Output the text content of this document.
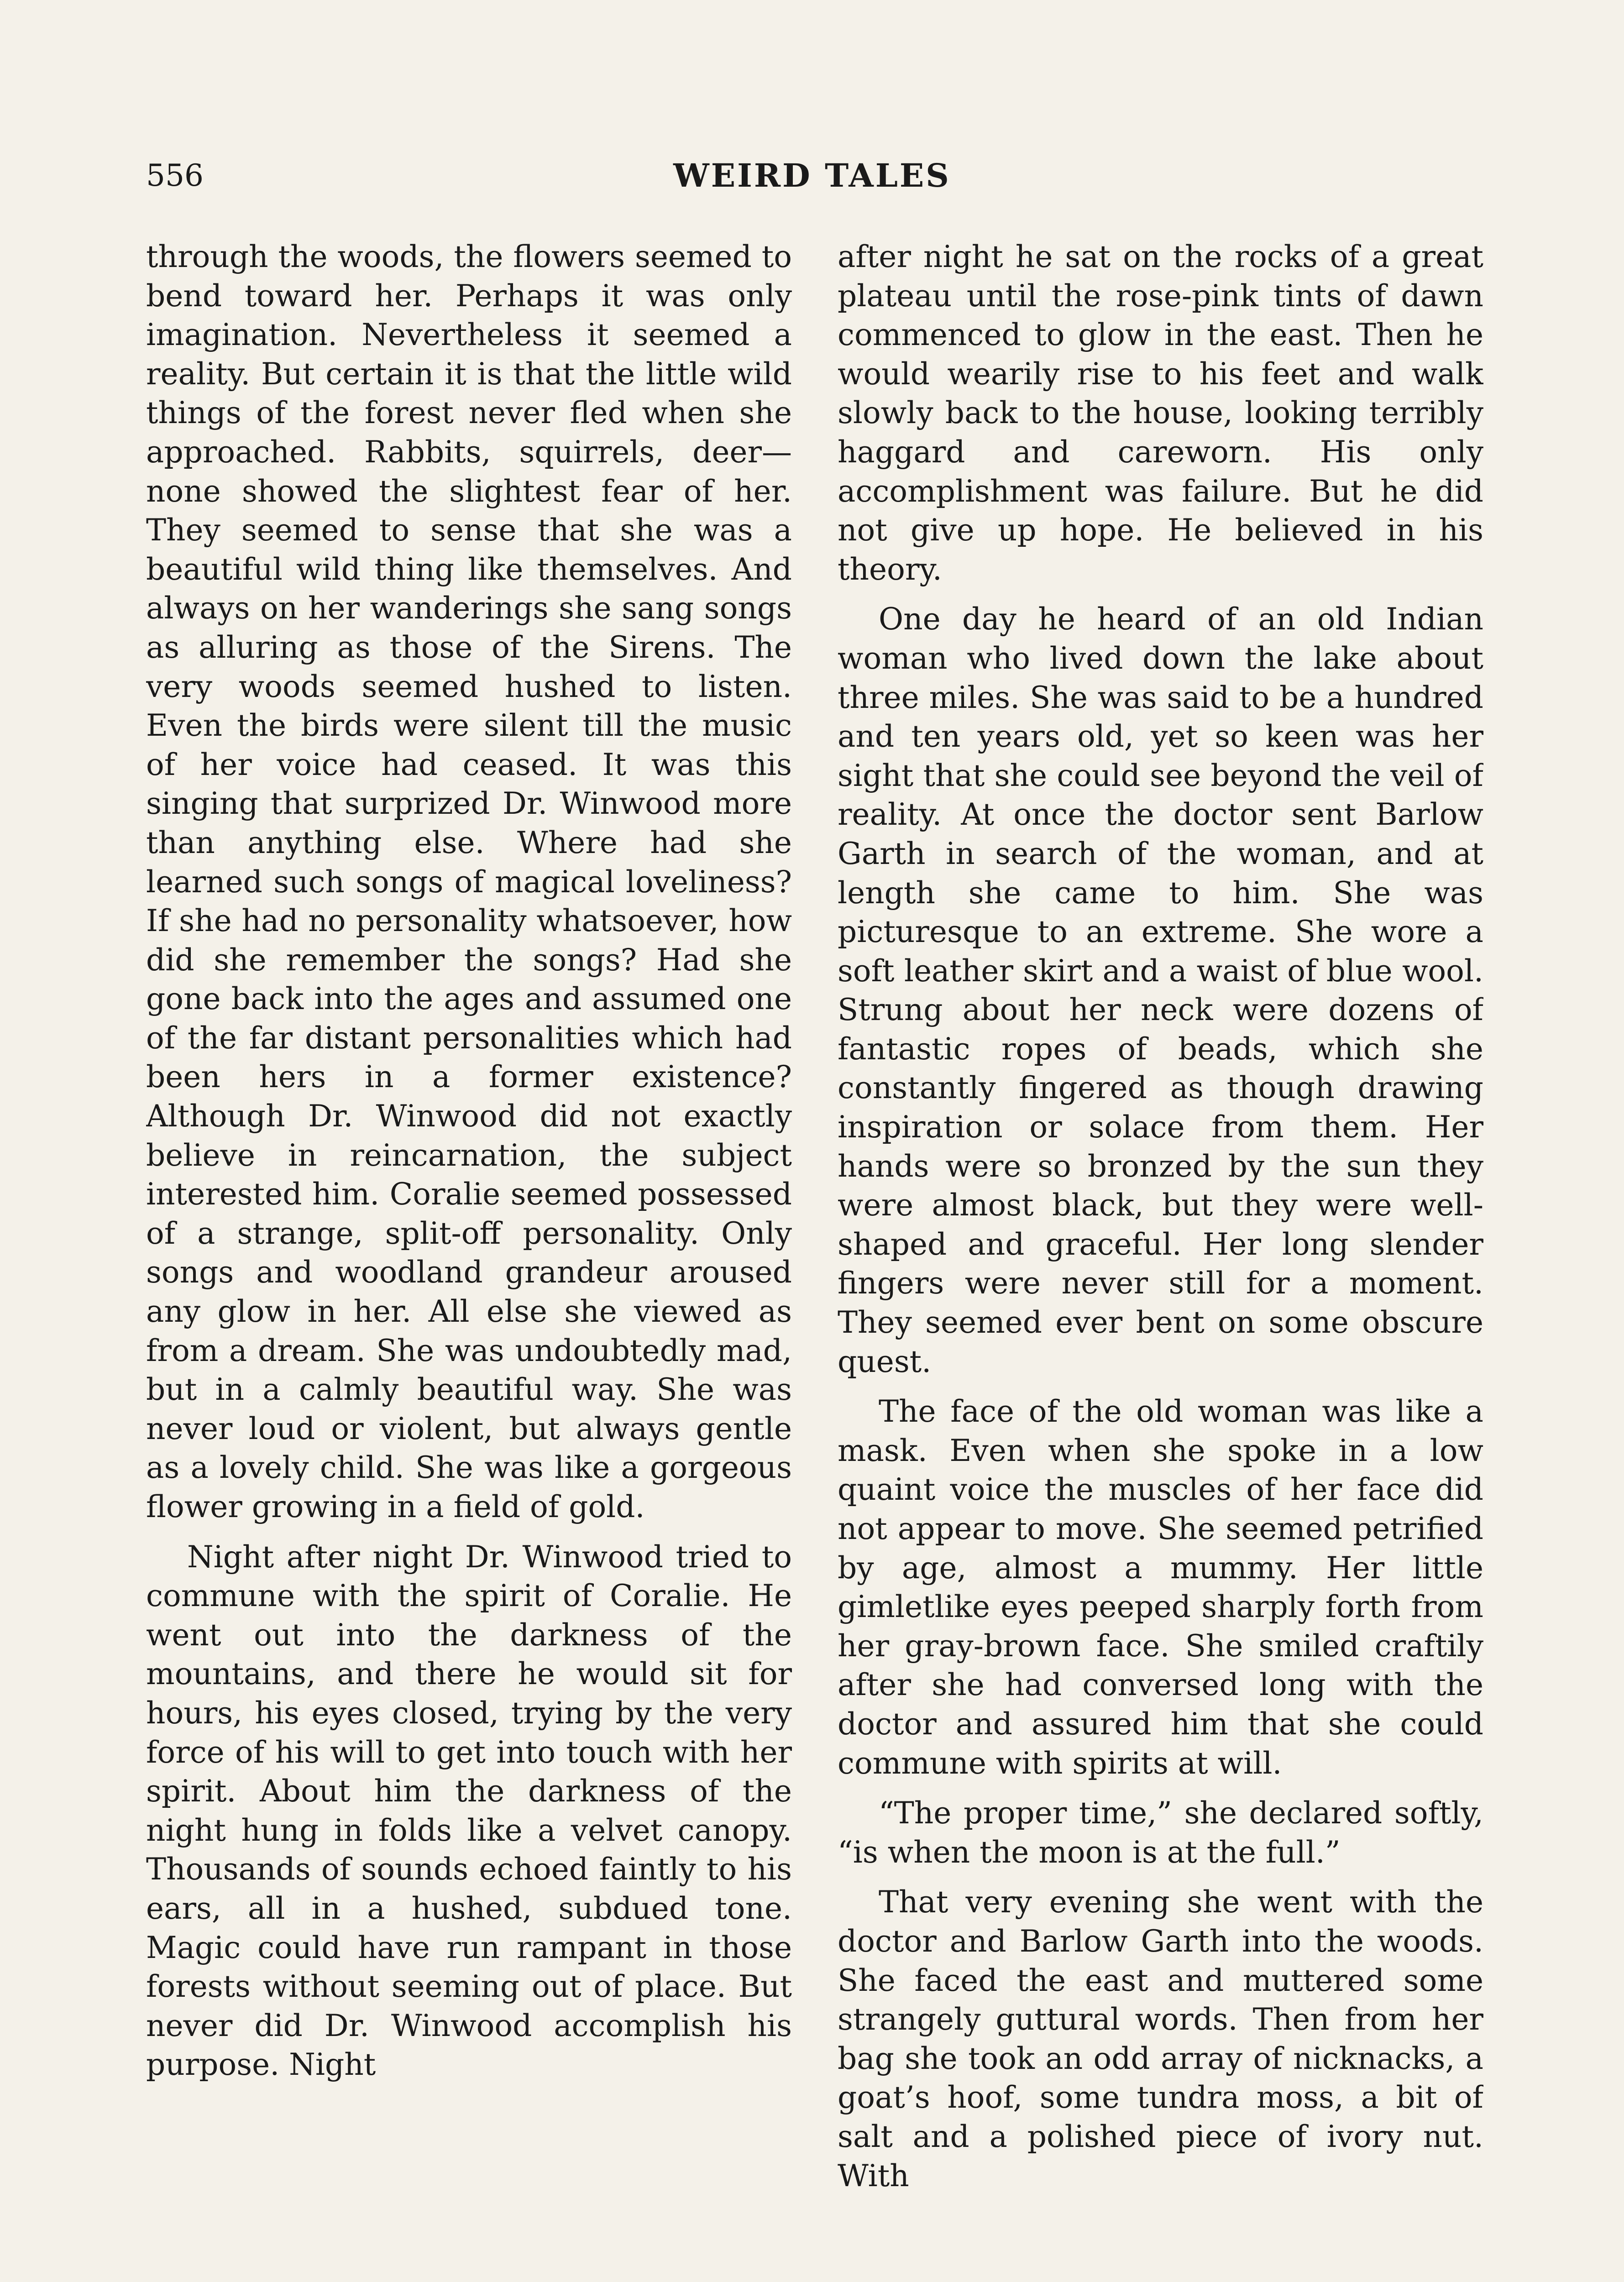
556	WEIRD TALES

through the woods, the flowers seemed to bend toward her. Perhaps it was only imagination. Nevertheless it seemed a reality. But certain it is that the little wild things of the forest never fled when she approached. Rabbits, squirrels, deer—none showed the slightest fear of her. They seemed to sense that she was a beautiful wild thing like themselves. And always on her wanderings she sang songs as alluring as those of the Sirens. The very woods seemed hushed to listen. Even the birds were silent till the music of her voice had ceased. It was this singing that surprized Dr. Winwood more than anything else. Where had she learned such songs of magical loveliness? If she had no personality whatsoever, how did she remember the songs? Had she gone back into the ages and assumed one of the far distant personalities which had been hers in a former existence? Although Dr. Winwood did not exactly believe in reincarnation, the subject interested him. Coralie seemed possessed of a strange, split-off personality. Only songs and woodland grandeur aroused any glow in her. All else she viewed as from a dream. She was undoubtedly mad, but in a calmly beautiful way. She was never loud or violent, but always gentle as a lovely child. She was like a gorgeous flower growing in a field of gold.

Night after night Dr. Winwood tried to commune with the spirit of Coralie. He went out into the darkness of the mountains, and there he would sit for hours, his eyes closed, trying by the very force of his will to get into touch with her spirit. About him the darkness of the night hung in folds like a velvet canopy. Thousands of sounds echoed faintly to his ears, all in a hushed, subdued tone. Magic could have run rampant in those forests without seeming out of place. But never did Dr. Winwood accomplish his purpose. Night

after night he sat on the rocks of a great plateau until the rose-pink tints of dawn commenced to glow in the east. Then he would wearily rise to his feet and walk slowly back to the house, looking terribly haggard and careworn. His only accomplishment was failure. But he did not give up hope. He believed in his theory.

One day he heard of an old Indian woman who lived down the lake about three miles. She was said to be a hundred and ten years old, yet so keen was her sight that she could see beyond the veil of reality. At once the doctor sent Barlow Garth in search of the woman, and at length she came to him. She was picturesque to an extreme. She wore a soft leather skirt and a waist of blue wool. Strung about her neck were dozens of fantastic ropes of beads, which she constantly fingered as though drawing inspiration or solace from them. Her hands were so bronzed by the sun they were almost black, but they were well-shaped and graceful. Her long slender fingers were never still for a moment. They seemed ever bent on some obscure quest.

The face of the old woman was like a mask. Even when she spoke in a low quaint voice the muscles of her face did not appear to move. She seemed petrified by age, almost a mummy. Her little gimletlike eyes peeped sharply forth from her gray-brown face. She smiled craftily after she had conversed long with the doctor and assured him that she could commune with spirits at will.

“The proper time,” she declared softly, “is when the moon is at the full.”

That very evening she went with the doctor and Barlow Garth into the woods. She faced the east and muttered some strangely guttural words. Then from her bag she took an odd array of nicknacks, a goat’s hoof, some tundra moss, a bit of salt and a polished piece of ivory nut. With
